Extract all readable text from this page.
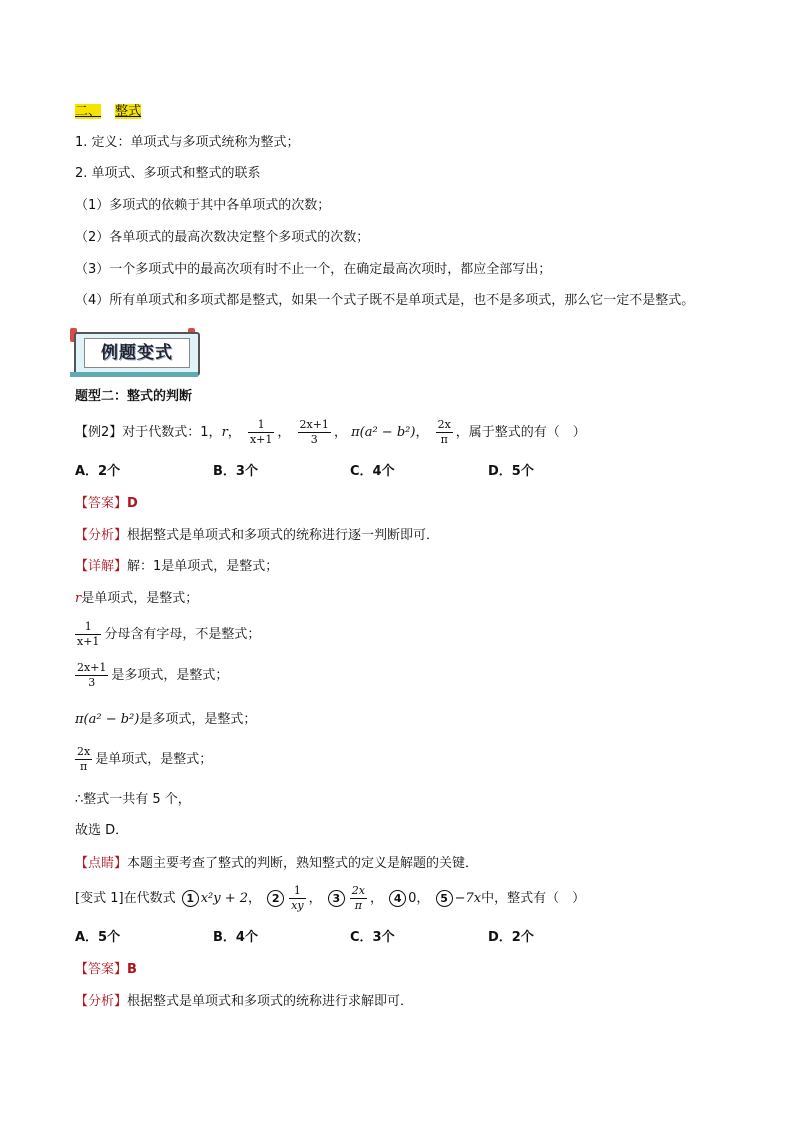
二、 整式
1. 定义：单项式与多项式统称为整式；
2. 单项式、多项式和整式的联系
（1）多项式的依赖于其中各单项式的次数；
（2）各单项式的最高次数决定整个多项式的次数；
（3）一个多项式中的最高次项有时不止一个，在确定最高次项时，都应全部写出；
（4）所有单项式和多项式都是整式，如果一个式子既不是单项式是，也不是多项式，那么它一定不是整式。
例题变式
题型二：整式的判断
【例2】对于代数式：1，r， $\frac{1}{x+1}$ ， $\frac{2x+1}{3}$ ， π(a² − b²)， $\frac{2x}{\pi}$ ，属于整式的有（　）
A．2个	B．3个	C．4个	D．5个
【答案】D
【分析】根据整式是单项式和多项式的统称进行逐一判断即可．
【详解】解：1是单项式，是整式；
r是单项式，是整式；
$\frac{1}{x+1}$ 分母含有字母，不是整式；
$\frac{2x+1}{3}$ 是多项式，是整式；
π(a² − b²)是多项式，是整式；
$\frac{2x}{\pi}$ 是单项式，是整式；
∴整式一共有 5 个，
故选 D．
【点睛】本题主要考查了整式的判断，熟知整式的定义是解题的关键．
[变式 1]在代数式 1 x²y + 2， $2 \frac{1}{xy}$ ， $3 \frac{2x}{\pi}$ ， 4 0， 5 −7x中，整式有（　）
A．5个	B．4个	C．3个	D．2个
【答案】B
【分析】根据整式是单项式和多项式的统称进行求解即可．
